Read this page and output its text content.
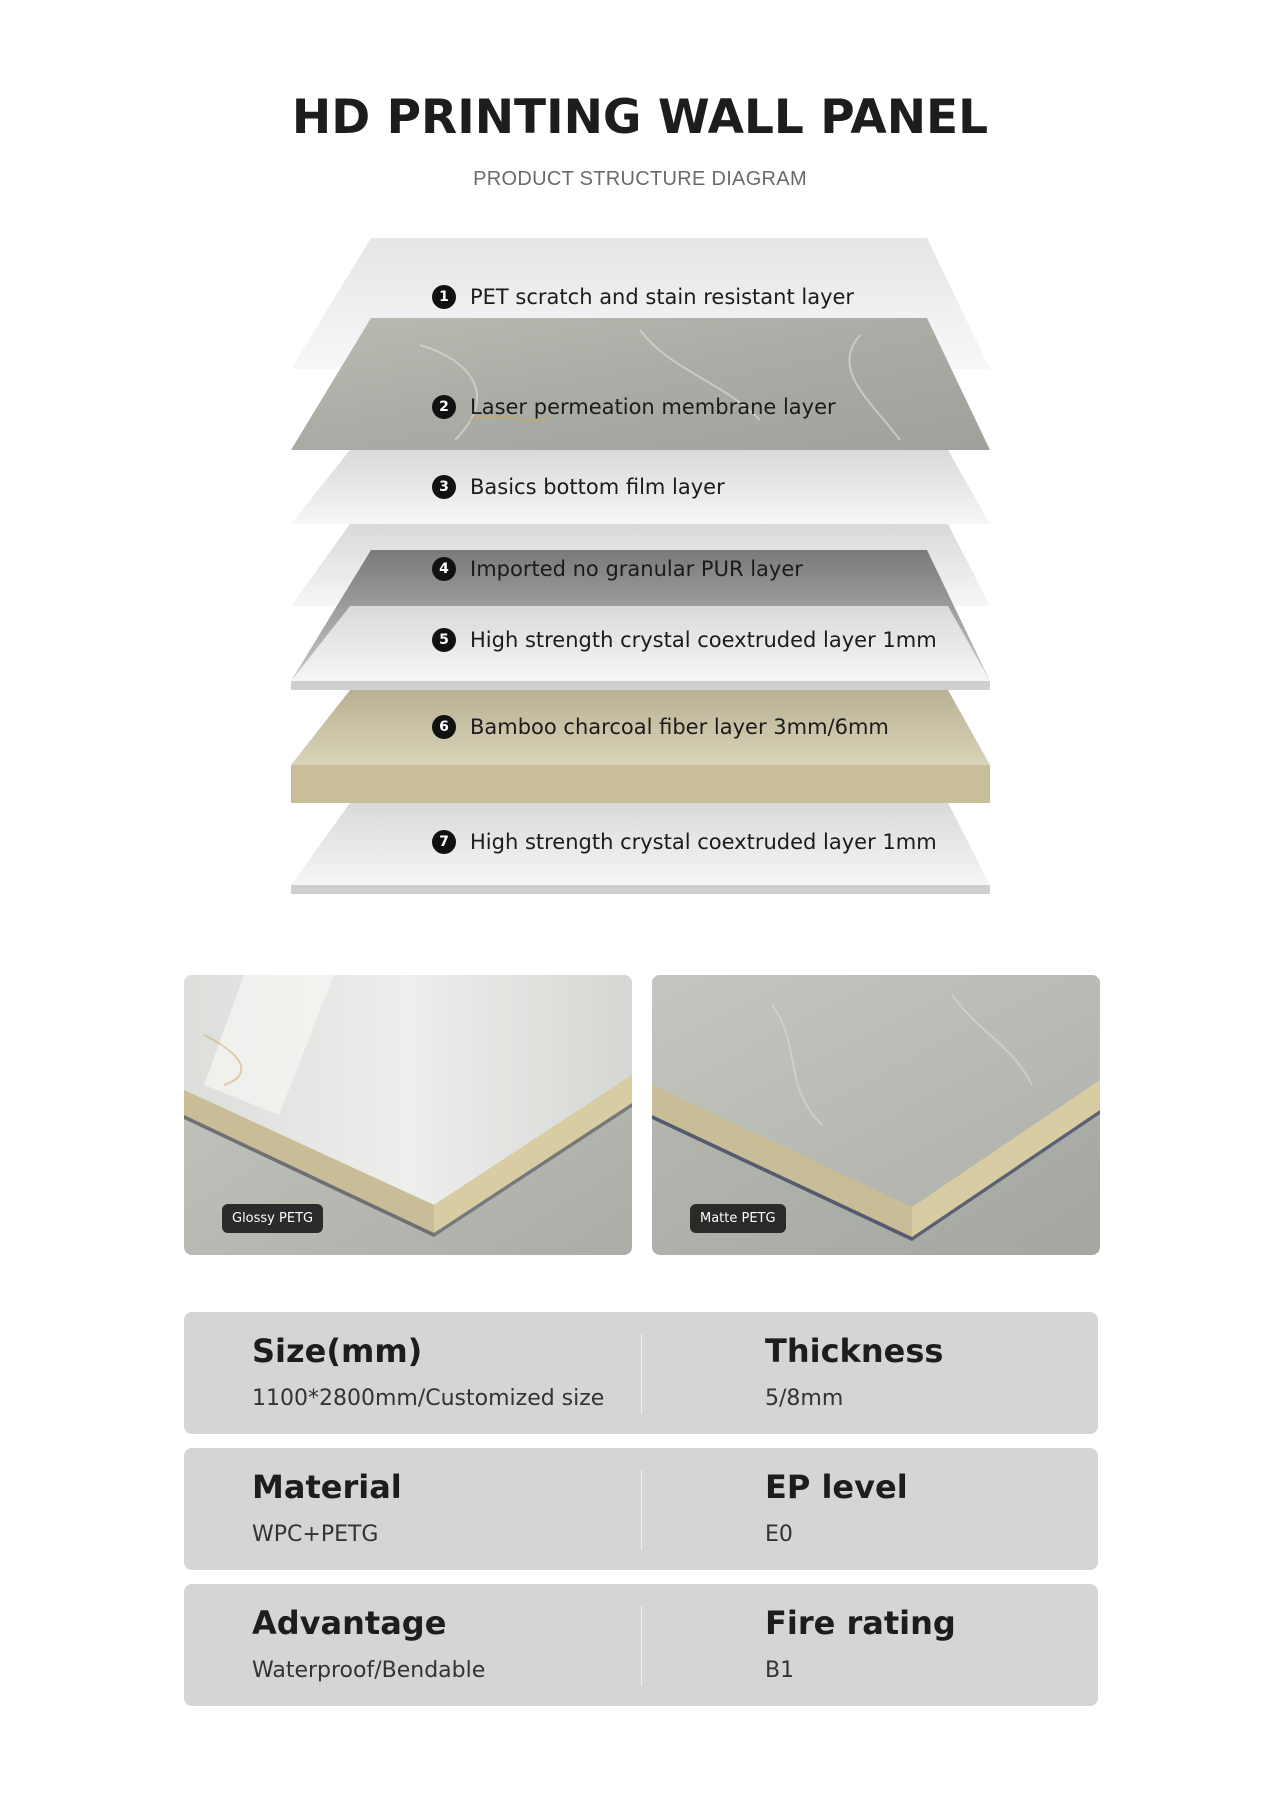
HD PRINTING WALL PANEL
PRODUCT STRUCTURE DIAGRAM
1	PET scratch and stain resistant layer
2	Laser permeation membrane layer
3	Basics bottom film layer
4	Imported no granular PUR layer
5	High strength crystal coextruded layer 1mm
6	Bamboo charcoal fiber layer 3mm/6mm
7	High strength crystal coextruded layer 1mm
Glossy PETG	Matte PETG
Size(mm)
1100*2800mm/Customized size
Thickness
5/8mm
Material
WPC+PETG
EP level
E0
Advantage
Waterproof/Bendable
Fire rating
B1
